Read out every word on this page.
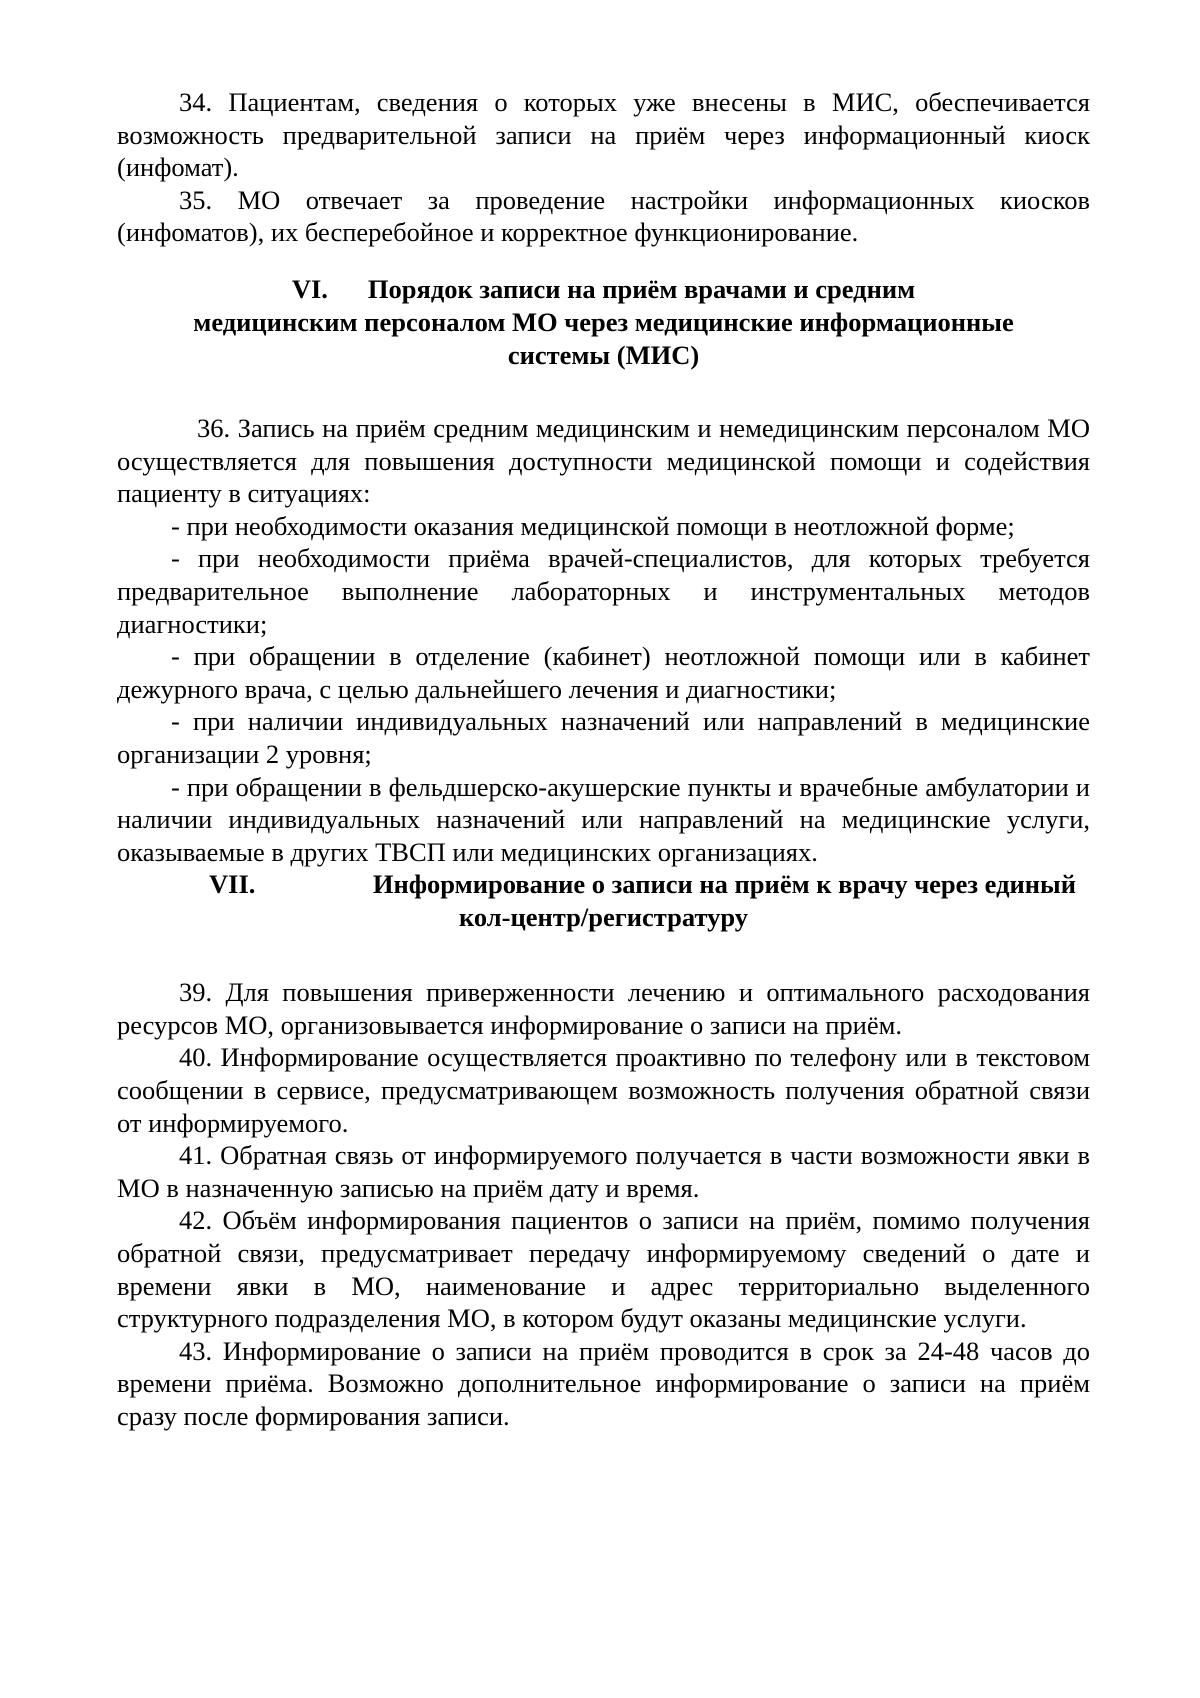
34. Пациентам, сведения о которых уже внесены в МИС, обеспечивается возможность предварительной записи на приём через информационный киоск (инфомат).

35. МО отвечает за проведение настройки информационных киосков (инфоматов), их бесперебойное и корректное функционирование.

VI. Порядок записи на приём врачами и средним
медицинским персоналом МО через медицинские информационные
системы (МИС)

36. Запись на приём средним медицинским и немедицинским персоналом МО осуществляется для повышения доступности медицинской помощи и содействия пациенту в ситуациях:

- при необходимости оказания медицинской помощи в неотложной форме;

- при необходимости приёма врачей-специалистов, для которых требуется предварительное выполнение лабораторных и инструментальных методов диагностики;

- при обращении в отделение (кабинет) неотложной помощи или в кабинет дежурного врача, с целью дальнейшего лечения и диагностики;

- при наличии индивидуальных назначений или направлений в медицинские организации 2 уровня;

- при обращении в фельдшерско-акушерские пункты и врачебные амбулатории и наличии индивидуальных назначений или направлений на медицинские услуги, оказываемые в других ТВСП или медицинских организациях.

VII.	Информирование о записи на приём к врачу через единый
кол-центр/регистратуру

39. Для повышения приверженности лечению и оптимального расходования ресурсов МО, организовывается информирование о записи на приём.

40. Информирование осуществляется проактивно по телефону или в текстовом сообщении в сервисе, предусматривающем возможность получения обратной связи от информируемого.

41. Обратная связь от информируемого получается в части возможности явки в МО в назначенную записью на приём дату и время.

42. Объём информирования пациентов о записи на приём, помимо получения обратной связи, предусматривает передачу информируемому сведений о дате и времени явки в МО, наименование и адрес территориально выделенного структурного подразделения МО, в котором будут оказаны медицинские услуги.

43. Информирование о записи на приём проводится в срок за 24-48 часов до времени приёма. Возможно дополнительное информирование о записи на приём сразу после формирования записи.
